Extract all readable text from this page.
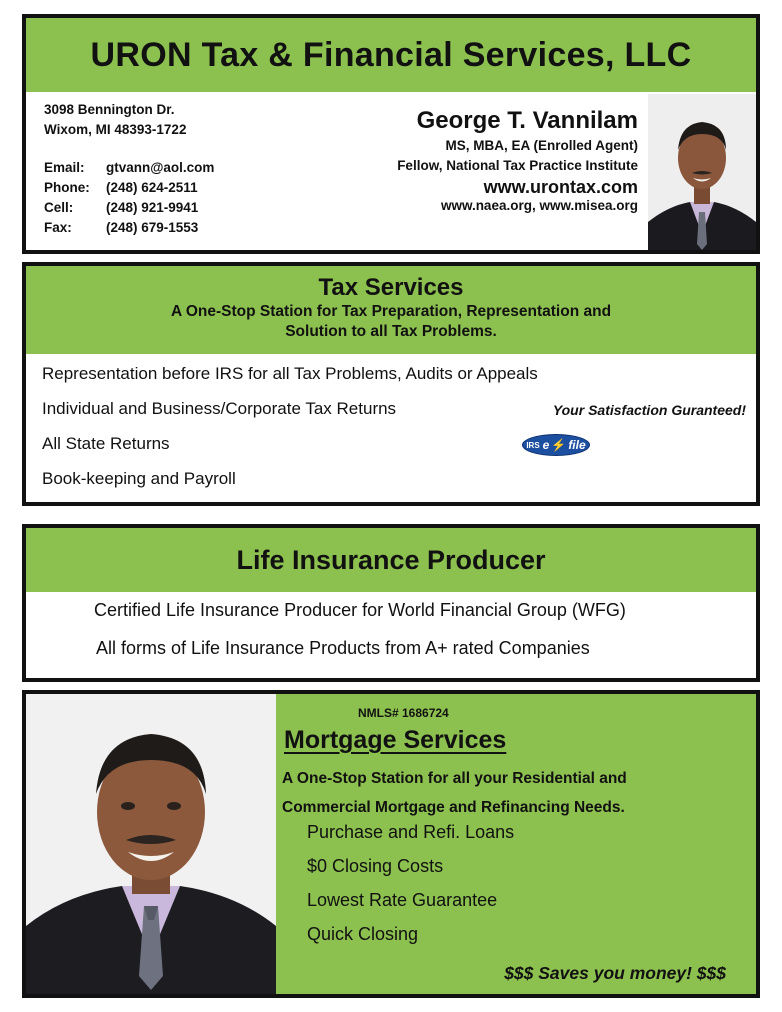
URON Tax & Financial Services, LLC
3098 Bennington Dr.
Wixom, MI 48393-1722
Email:	gtvann@aol.com
Phone:	(248) 624-2511
Cell:	(248) 921-9941
Fax:	(248) 679-1553
George T. Vannilam
MS, MBA, EA (Enrolled Agent)
Fellow, National Tax Practice Institute
www.urontax.com
www.naea.org, www.misea.org
Tax Services
A One-Stop Station for Tax Preparation, Representation and
Solution to all Tax Problems.
Representation before IRS for all Tax Problems, Audits or Appeals
Individual and Business/Corporate Tax Returns
All State Returns
Book-keeping and Payroll
Your Satisfaction Guranteed!
IRS e ⚡ file
Life Insurance Producer
Certified Life Insurance Producer for World Financial Group (WFG)
All forms of Life Insurance Products from A+ rated Companies
NMLS# 1686724
Mortgage Services
A One-Stop Station for all your Residential and
Commercial Mortgage and Refinancing Needs.
Purchase and Refi. Loans
$0 Closing Costs
Lowest Rate Guarantee
Quick Closing
$$$ Saves you money! $$$
